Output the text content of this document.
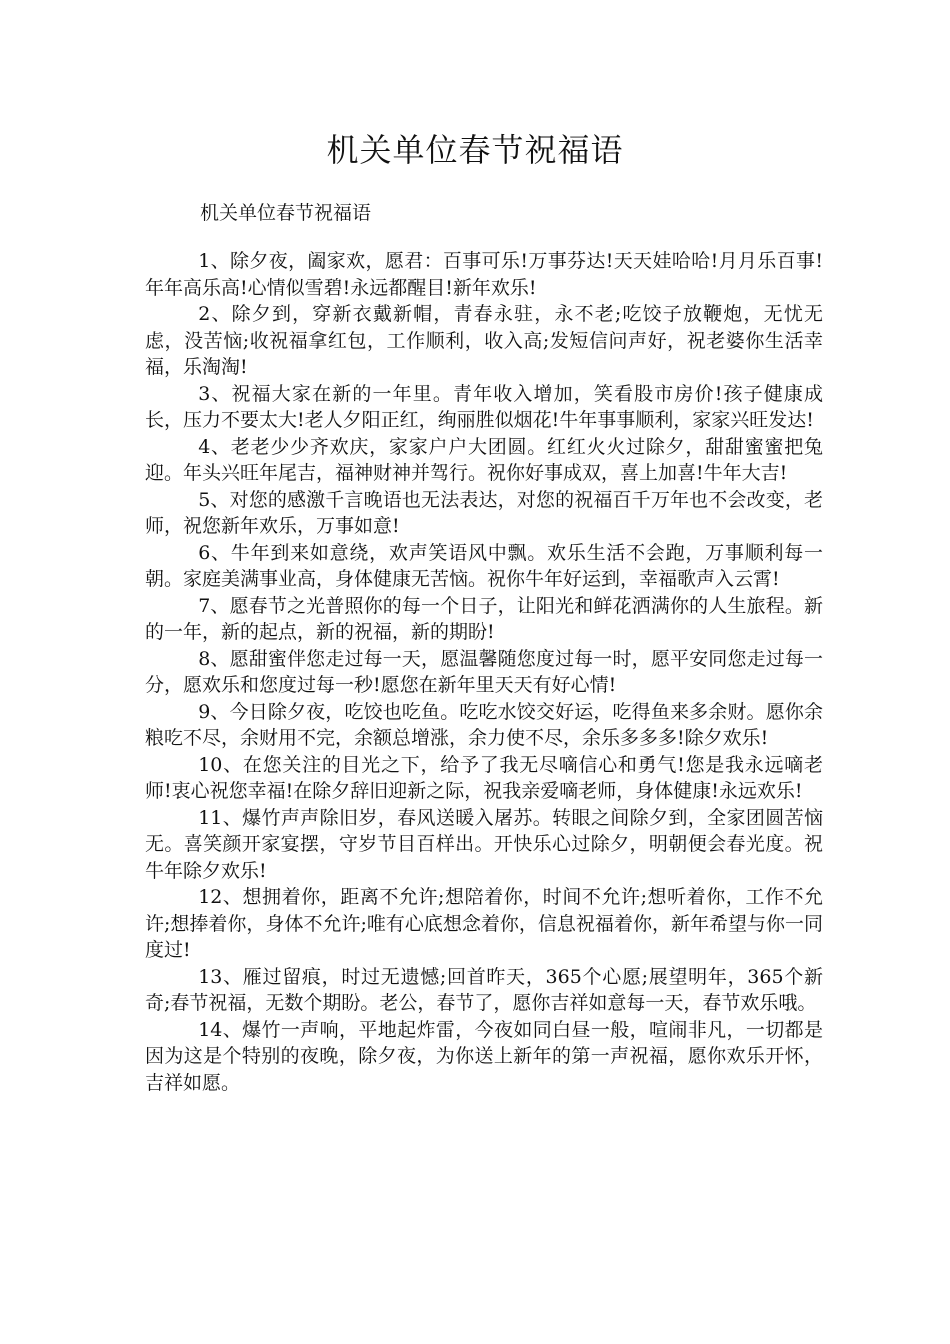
机关单位春节祝福语

机关单位春节祝福语

1、除夕夜，阖家欢，愿君：百事可乐!万事芬达!天天娃哈哈!月月乐百事!年年高乐高!心情似雪碧!永远都醒目!新年欢乐!

2、除夕到，穿新衣戴新帽，青春永驻，永不老;吃饺子放鞭炮，无忧无虑，没苦恼;收祝福拿红包，工作顺利，收入高;发短信问声好，祝老婆你生活幸福，乐淘淘!

3、祝福大家在新的一年里。青年收入增加，笑看股市房价!孩子健康成长，压力不要太大!老人夕阳正红，绚丽胜似烟花!牛年事事顺利，家家兴旺发达!

4、老老少少齐欢庆，家家户户大团圆。红红火火过除夕，甜甜蜜蜜把兔迎。年头兴旺年尾吉，福神财神并驾行。祝你好事成双，喜上加喜!牛年大吉!

5、对您的感激千言晚语也无法表达，对您的祝福百千万年也不会改变，老师，祝您新年欢乐，万事如意!

6、牛年到来如意绕，欢声笑语风中飘。欢乐生活不会跑，万事顺利每一朝。家庭美满事业高，身体健康无苦恼。祝你牛年好运到，幸福歌声入云霄!

7、愿春节之光普照你的每一个日子，让阳光和鲜花洒满你的人生旅程。新的一年，新的起点，新的祝福，新的期盼!

8、愿甜蜜伴您走过每一天，愿温馨随您度过每一时，愿平安同您走过每一分，愿欢乐和您度过每一秒!愿您在新年里天天有好心情!

9、今日除夕夜，吃饺也吃鱼。吃吃水饺交好运，吃得鱼来多余财。愿你余粮吃不尽，余财用不完，余额总增涨，余力使不尽，余乐多多多!除夕欢乐!

10、在您关注的目光之下，给予了我无尽嘀信心和勇气!您是我永远嘀老师!衷心祝您幸福!在除夕辞旧迎新之际，祝我亲爱嘀老师，身体健康!永远欢乐!

11、爆竹声声除旧岁，春风送暖入屠苏。转眼之间除夕到，全家团圆苦恼无。喜笑颜开家宴摆，守岁节目百样出。开快乐心过除夕，明朝便会春光度。祝牛年除夕欢乐!

12、想拥着你，距离不允许;想陪着你，时间不允许;想听着你，工作不允许;想捧着你，身体不允许;唯有心底想念着你，信息祝福着你，新年希望与你一同度过!

13、雁过留痕，时过无遗憾;回首昨天，365个心愿;展望明年，365个新奇;春节祝福，无数个期盼。老公，春节了，愿你吉祥如意每一天，春节欢乐哦。

14、爆竹一声响，平地起炸雷，今夜如同白昼一般，喧闹非凡，一切都是因为这是个特别的夜晚，除夕夜，为你送上新年的第一声祝福，愿你欢乐开怀，吉祥如愿。
